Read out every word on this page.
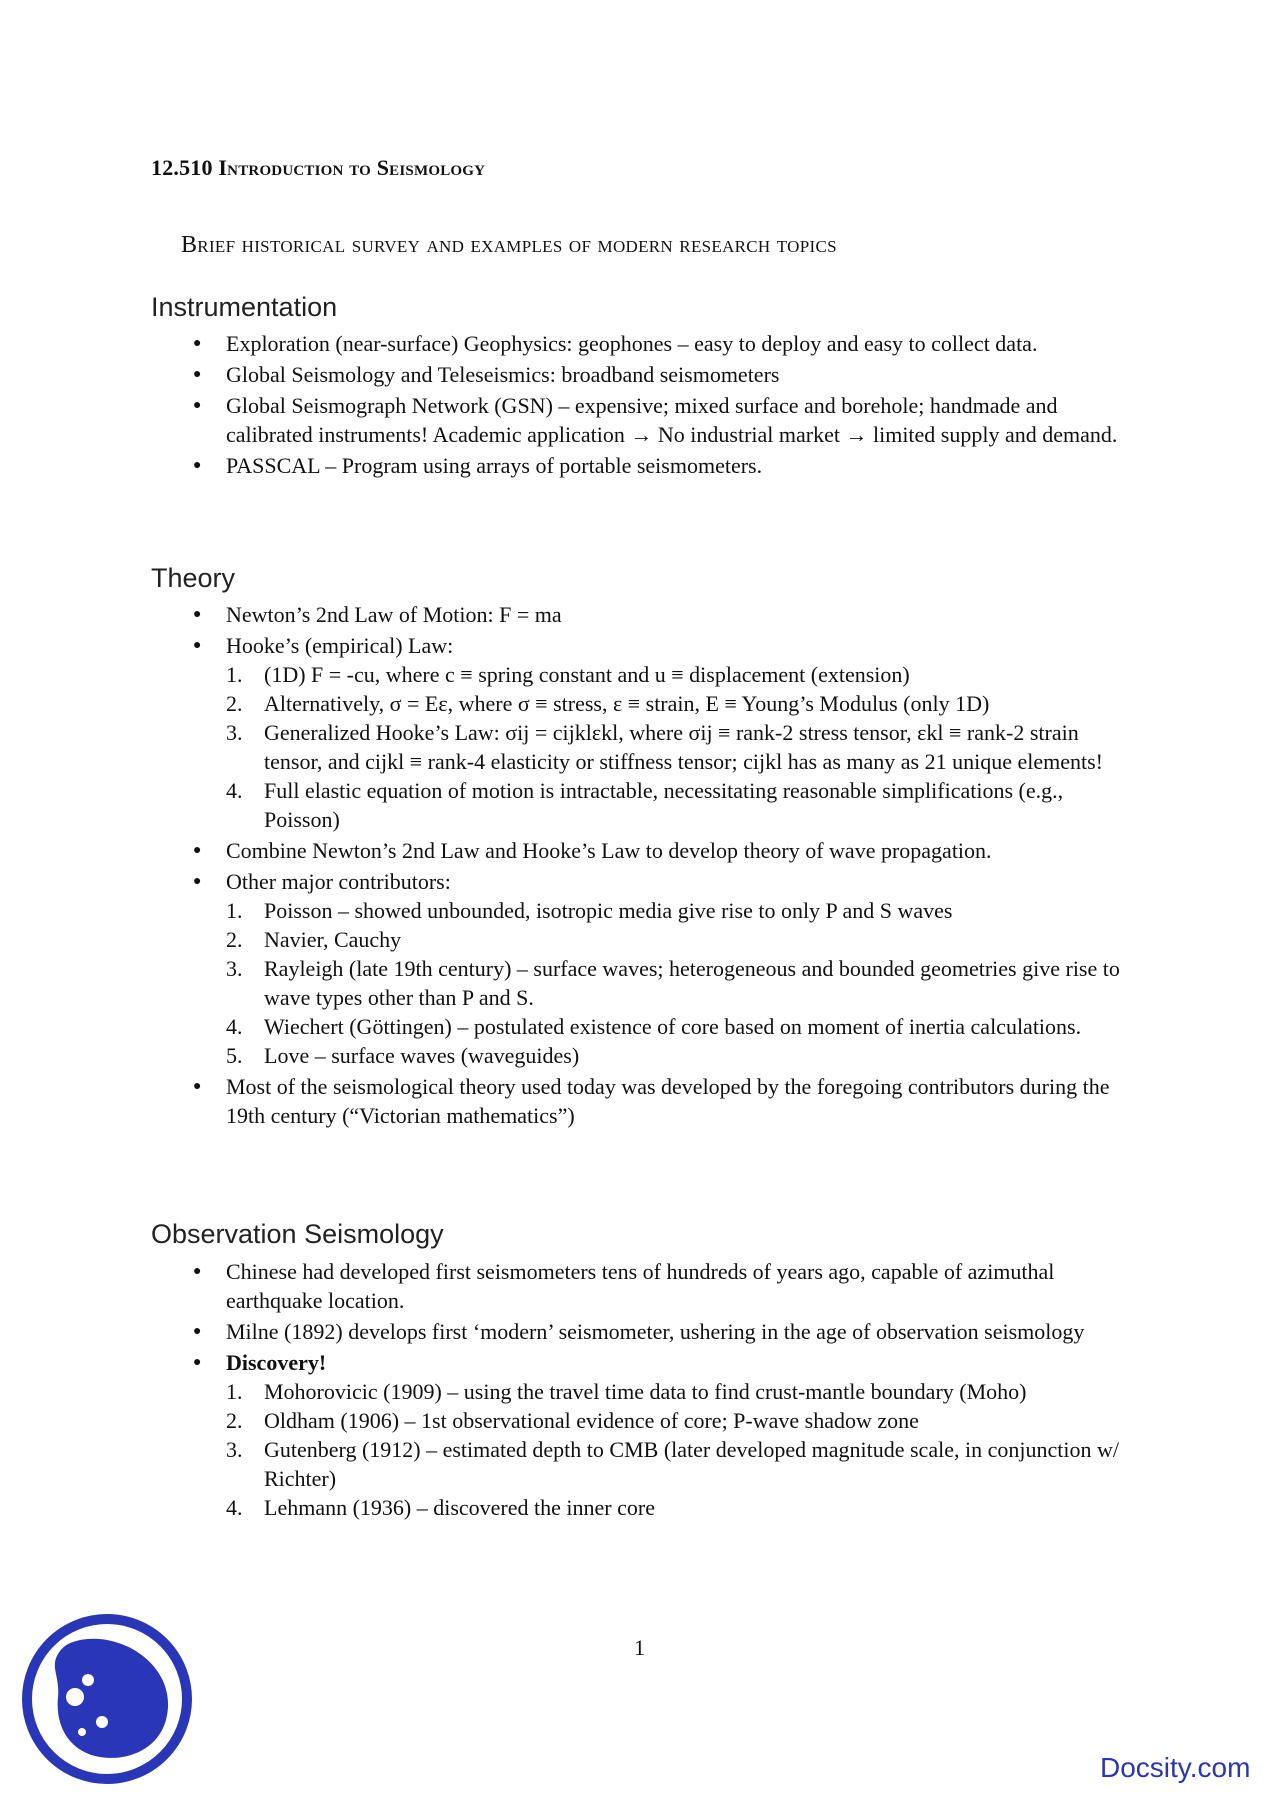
12.510 Introduction to Seismology
Brief historical survey and examples of modern research topics
Instrumentation
● Exploration (near-surface) Geophysics: geophones – easy to deploy and easy to collect data.
● Global Seismology and Teleseismics: broadband seismometers
● Global Seismograph Network (GSN) – expensive; mixed surface and borehole; handmade and calibrated instruments! Academic application → No industrial market → limited supply and demand.
● PASSCAL – Program using arrays of portable seismometers.
Theory
● Newton’s 2nd Law of Motion: F = ma
● Hooke’s (empirical) Law:
1. (1D) F = -cu, where c ≡ spring constant and u ≡ displacement (extension)
2. Alternatively, σ = Eε, where σ ≡ stress, ε ≡ strain, E ≡ Young’s Modulus (only 1D)
3. Generalized Hooke’s Law: σij = cijklεkl, where σij ≡ rank-2 stress tensor, εkl ≡ rank-2 strain tensor, and cijkl ≡ rank-4 elasticity or stiffness tensor; cijkl has as many as 21 unique elements!
4. Full elastic equation of motion is intractable, necessitating reasonable simplifications (e.g., Poisson)
● Combine Newton’s 2nd Law and Hooke’s Law to develop theory of wave propagation.
● Other major contributors:
1. Poisson – showed unbounded, isotropic media give rise to only P and S waves
2. Navier, Cauchy
3. Rayleigh (late 19th century) – surface waves; heterogeneous and bounded geometries give rise to wave types other than P and S.
4. Wiechert (Göttingen) – postulated existence of core based on moment of inertia calculations.
5. Love – surface waves (waveguides)
● Most of the seismological theory used today was developed by the foregoing contributors during the 19th century (“Victorian mathematics”)
Observation Seismology
● Chinese had developed first seismometers tens of hundreds of years ago, capable of azimuthal earthquake location.
● Milne (1892) develops first ‘modern’ seismometer, ushering in the age of observation seismology
● Discovery!
1. Mohorovicic (1909) – using the travel time data to find crust-mantle boundary (Moho)
2. Oldham (1906) – 1st observational evidence of core; P-wave shadow zone
3. Gutenberg (1912) – estimated depth to CMB (later developed magnitude scale, in conjunction w/ Richter)
4. Lehmann (1936) – discovered the inner core
1
Docsity.com
